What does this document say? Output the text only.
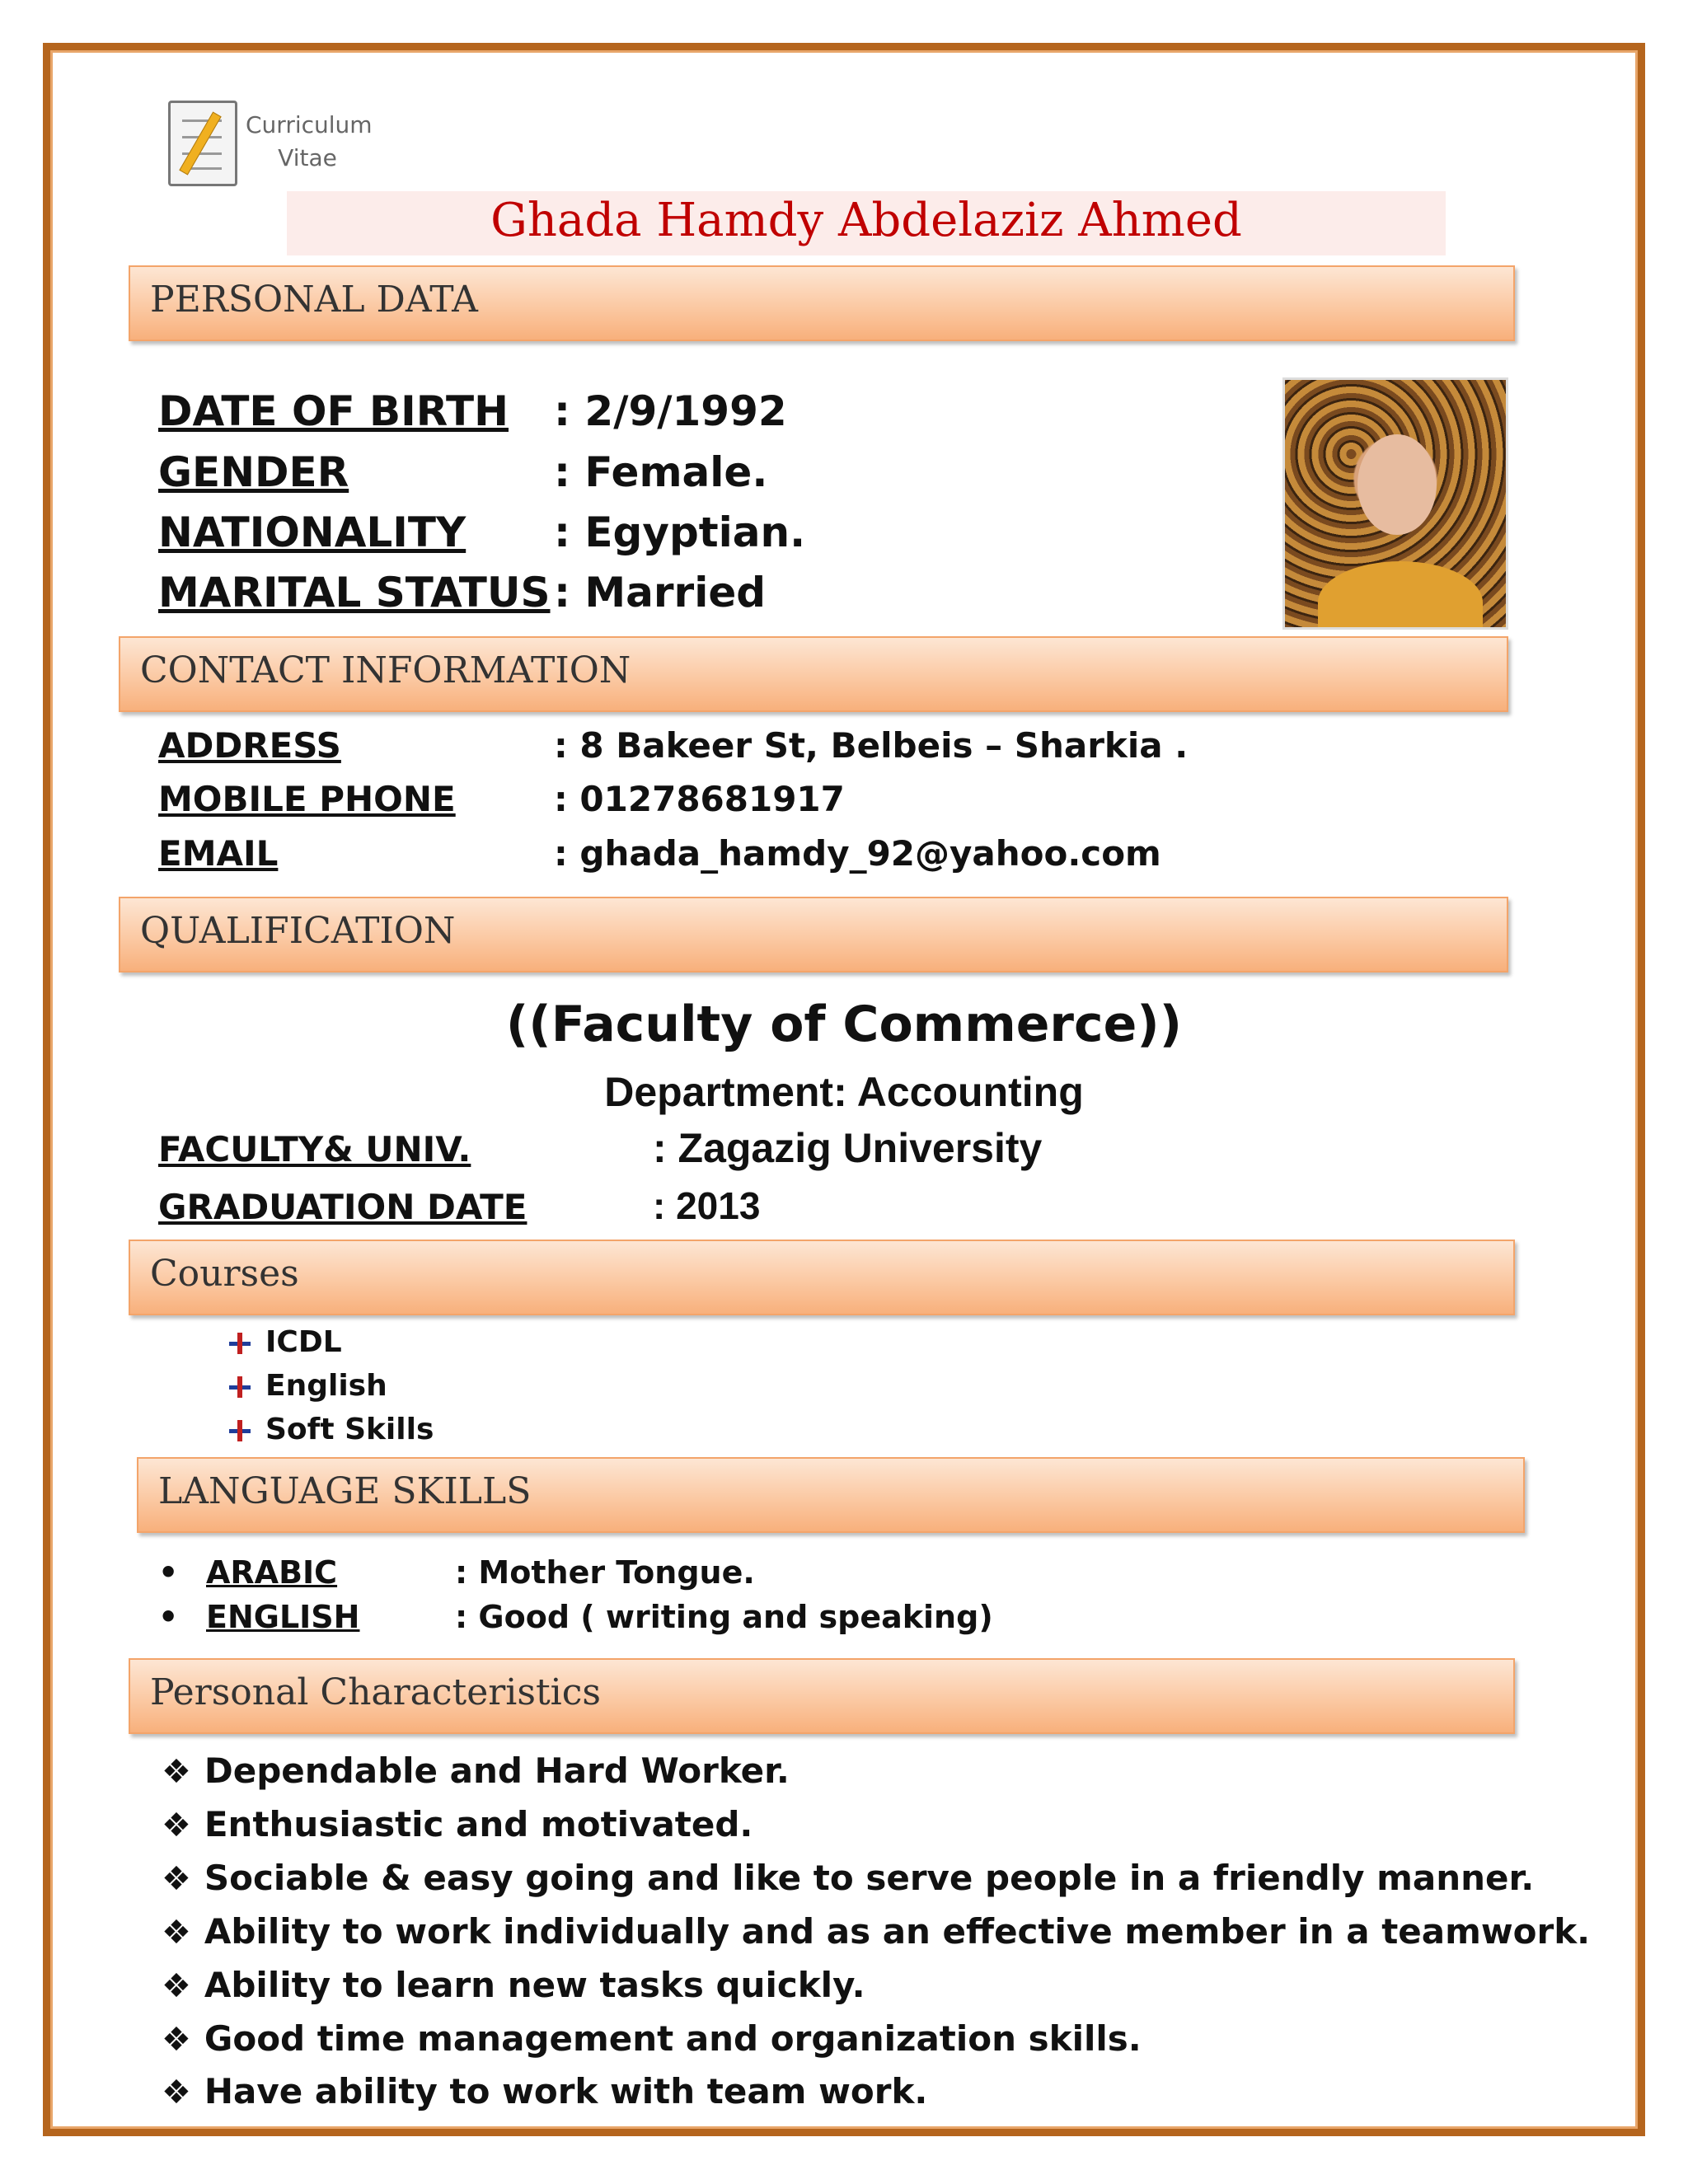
Curriculum
Vitae
Ghada Hamdy Abdelaziz Ahmed
PERSONAL DATA
DATE OF BIRTH : 2/9/1992
GENDER	: Female.
NATIONALITY : Egyptian.
MARITAL STATUS : Married
CONTACT INFORMATION
ADDRESS	: 8 Bakeer St, Belbeis – Sharkia .
MOBILE PHONE	: 01278681917
EMAIL	: ghada_hamdy_92@yahoo.com
QUALIFICATION
((Faculty of Commerce))
Department: Accounting
FACULTY& UNIV.	: Zagazig University
GRADUATION DATE	: 2013
Courses
ICDL
English
Soft Skills
LANGUAGE SKILLS
• ARABIC	: Mother Tongue.
• ENGLISH	: Good ( writing and speaking)
Personal Characteristics
❖ Dependable and Hard Worker.
❖ Enthusiastic and motivated.
❖ Sociable & easy going and like to serve people in a friendly manner.
❖ Ability to work individually and as an effective member in a teamwork.
❖ Ability to learn new tasks quickly.
❖ Good time management and organization skills.
❖ Have ability to work with team work.
